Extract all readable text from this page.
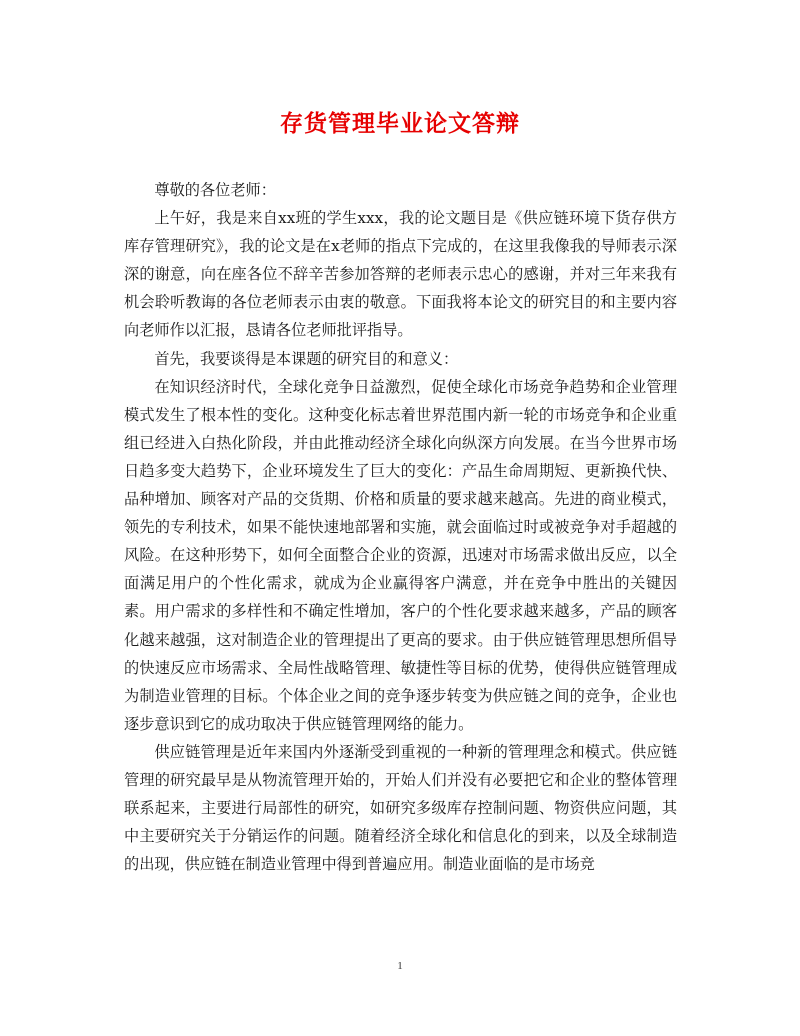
存货管理毕业论文答辩

尊敬的各位老师：

上午好，我是来自xx班的学生xxx，我的论文题目是《供应链环境下货存供方库存管理研究》，我的论文是在x老师的指点下完成的，在这里我像我的导师表示深深的谢意，向在座各位不辞辛苦参加答辩的老师表示忠心的感谢，并对三年来我有机会聆听教诲的各位老师表示由衷的敬意。下面我将本论文的研究目的和主要内容向老师作以汇报，恳请各位老师批评指导。

首先，我要谈得是本课题的研究目的和意义：

在知识经济时代，全球化竞争日益激烈，促使全球化市场竞争趋势和企业管理模式发生了根本性的变化。这种变化标志着世界范围内新一轮的市场竞争和企业重组已经进入白热化阶段，并由此推动经济全球化向纵深方向发展。在当今世界市场日趋多变大趋势下，企业环境发生了巨大的变化：产品生命周期短、更新换代快、品种增加、顾客对产品的交货期、价格和质量的要求越来越高。先进的商业模式，领先的专利技术，如果不能快速地部署和实施，就会面临过时或被竞争对手超越的风险。在这种形势下，如何全面整合企业的资源，迅速对市场需求做出反应，以全面满足用户的个性化需求，就成为企业赢得客户满意，并在竞争中胜出的关键因素。用户需求的多样性和不确定性增加，客户的个性化要求越来越多，产品的顾客化越来越强，这对制造企业的管理提出了更高的要求。由于供应链管理思想所倡导的快速反应市场需求、全局性战略管理、敏捷性等目标的优势，使得供应链管理成为制造业管理的目标。个体企业之间的竞争逐步转变为供应链之间的竞争，企业也逐步意识到它的成功取决于供应链管理网络的能力。

供应链管理是近年来国内外逐渐受到重视的一种新的管理理念和模式。供应链管理的研究最早是从物流管理开始的，开始人们并没有必要把它和企业的整体管理联系起来，主要进行局部性的研究，如研究多级库存控制问题、物资供应问题，其中主要研究关于分销运作的问题。随着经济全球化和信息化的到来，以及全球制造的出现，供应链在制造业管理中得到普遍应用。制造业面临的是市场竞

1
